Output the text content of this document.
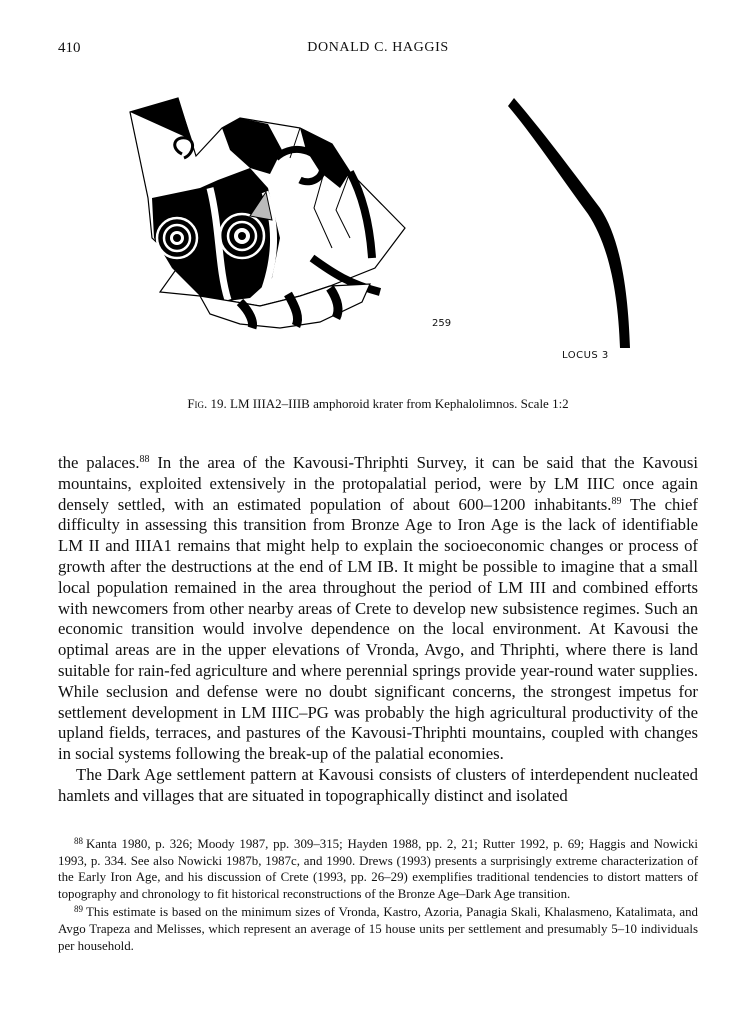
410	DONALD C. HAGGIS
259
LOCUS 3
Fig. 19. LM IIIA2–IIIB amphoroid krater from Kephalolimnos. Scale 1:2

the palaces.$^{88}$ In the area of the Kavousi-Thriphti Survey, it can be said that the Kavousi mountains, exploited extensively in the protopalatial period, were by LM IIIC once again densely settled, with an estimated population of about 600–1200 inhabitants.$^{89}$ The chief difficulty in assessing this transition from Bronze Age to Iron Age is the lack of identifiable LM II and IIIA1 remains that might help to explain the socioeconomic changes or process of growth after the destructions at the end of LM IB. It might be possible to imagine that a small local population remained in the area throughout the period of LM III and combined efforts with newcomers from other nearby areas of Crete to develop new subsistence regimes. Such an economic transition would involve dependence on the local environment. At Kavousi the optimal areas are in the upper elevations of Vronda, Avgo, and Thriphti, where there is land suitable for rain-fed agriculture and where perennial springs provide year-round water supplies. While seclusion and defense were no doubt significant concerns, the strongest impetus for settlement development in LM IIIC–PG was probably the high agricultural productivity of the upland fields, terraces, and pastures of the Kavousi-Thriphti mountains, coupled with changes in social systems following the break-up of the palatial economies.

The Dark Age settlement pattern at Kavousi consists of clusters of interdependent nucleated hamlets and villages that are situated in topographically distinct and isolated

$^{88}$ Kanta 1980, p. 326; Moody 1987, pp. 309–315; Hayden 1988, pp. 2, 21; Rutter 1992, p. 69; Haggis and Nowicki 1993, p. 334. See also Nowicki 1987b, 1987c, and 1990. Drews (1993) presents a surprisingly extreme characterization of the Early Iron Age, and his discussion of Crete (1993, pp. 26–29) exemplifies traditional tendencies to distort matters of topography and chronology to fit historical reconstructions of the Bronze Age–Dark Age transition.

$^{89}$ This estimate is based on the minimum sizes of Vronda, Kastro, Azoria, Panagia Skali, Khalasmeno, Katalimata, and Avgo Trapeza and Melisses, which represent an average of 15 house units per settlement and presumably 5–10 individuals per household.
